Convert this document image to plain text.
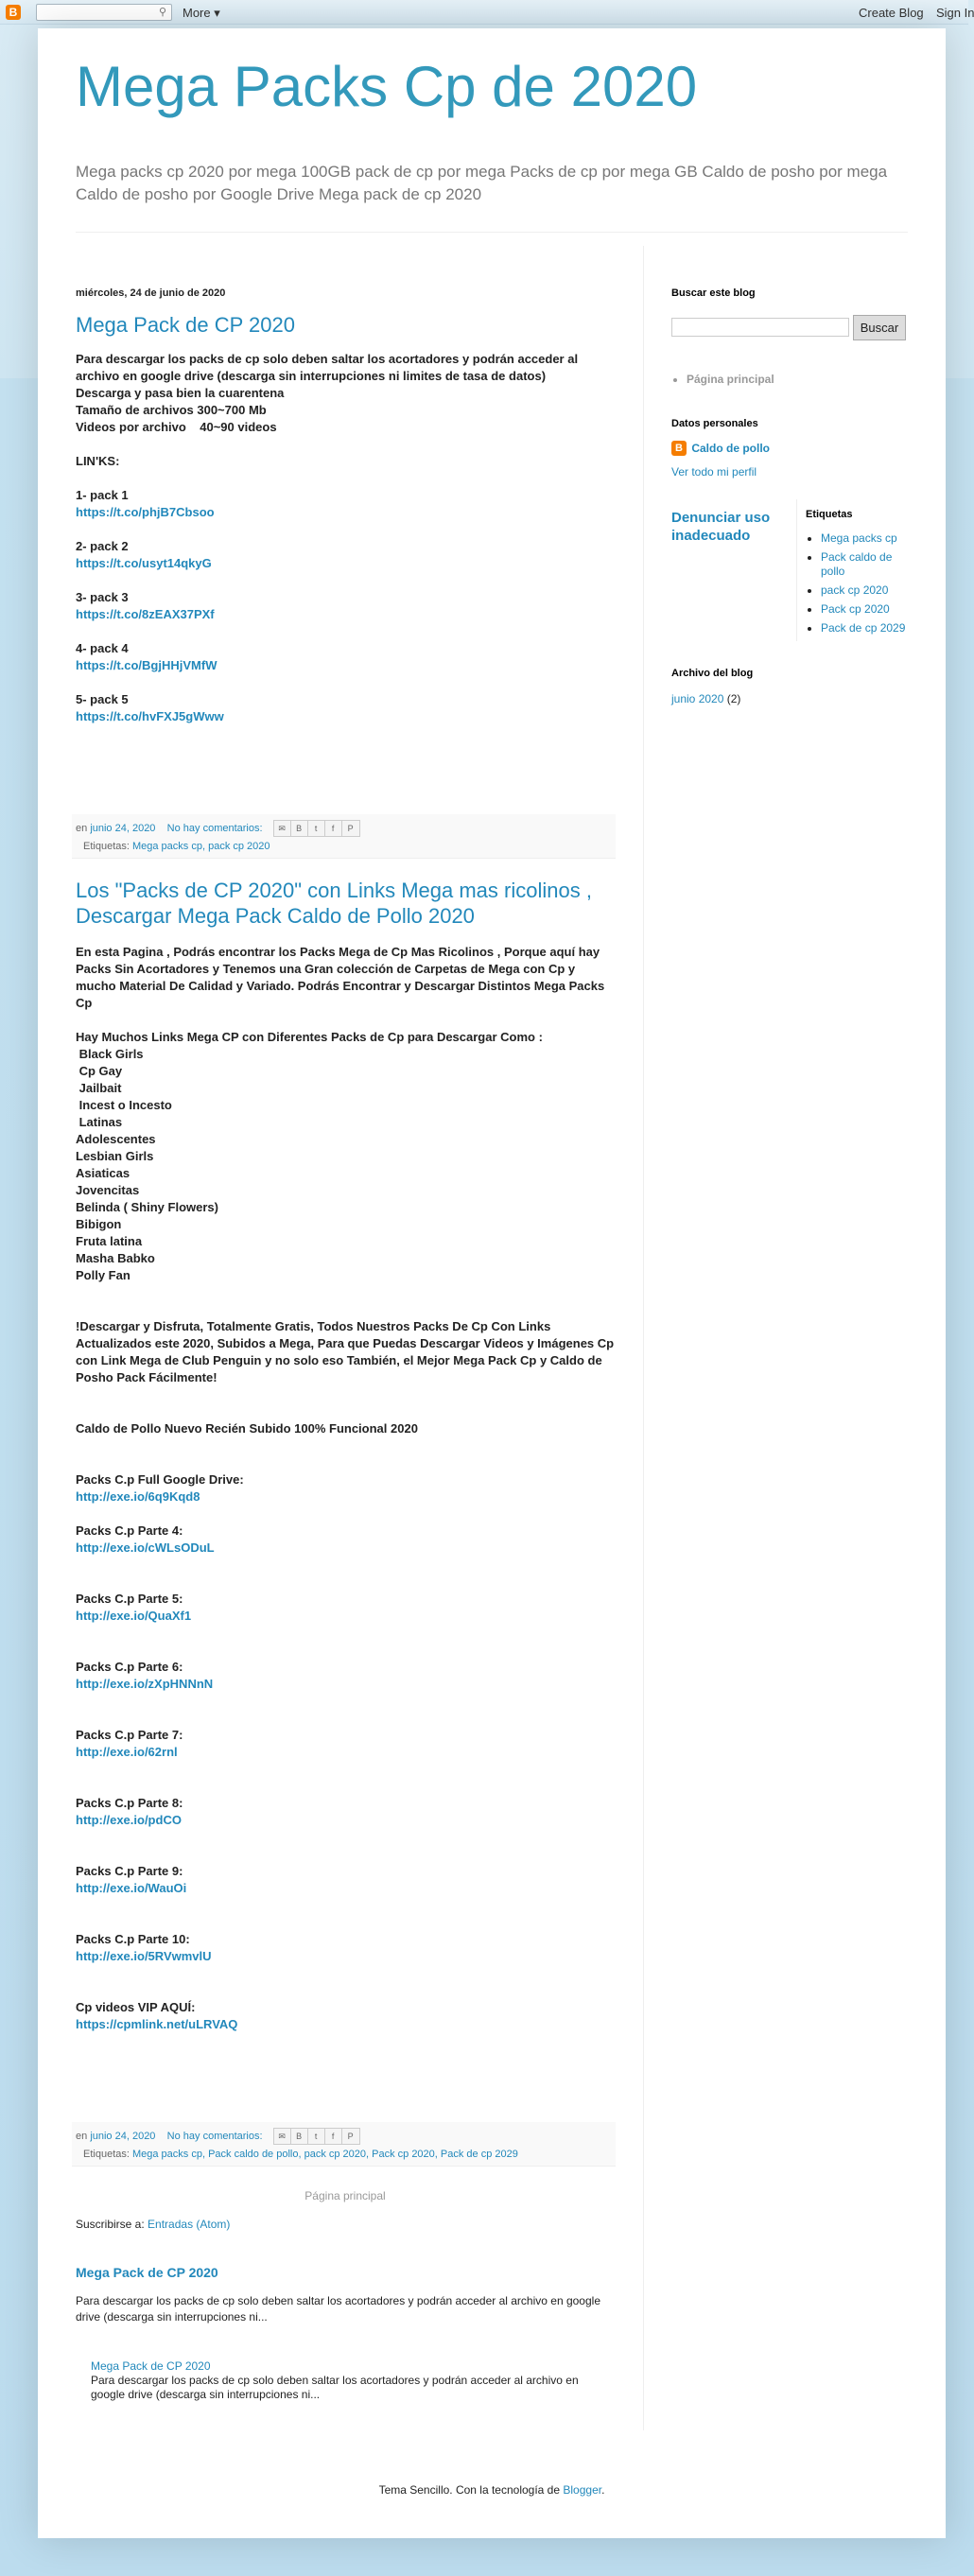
B	⚲ More ▾	Create Blog Sign In
Mega Packs Cp de 2020

Mega packs cp 2020 por mega 100GB pack de cp por mega Packs de cp por mega GB Caldo de posho por mega Caldo de posho por Google Drive Mega pack de cp 2020

miércoles, 24 de junio de 2020
Mega Pack de CP 2020

Para descargar los packs de cp solo deben saltar los acortadores y podrán acceder al archivo en google drive (descarga sin interrupciones ni limites de tasa de datos)

Descarga y pasa bien la cuarentena

Tamaño de archivos 300~700 Mb

Videos por archivo    40~90 videos

LIN'KS:

1- pack 1

https://t.co/phjB7Cbsoo

2- pack 2

https://t.co/usyt14qkyG

3- pack 3

https://t.co/8zEAX37PXf

4- pack 4

https://t.co/BgjHHjVMfW

5- pack 5

https://t.co/hvFXJ5gWww
en junio 24, 2020 No hay comentarios: ✉ B t f P
Etiquetas: Mega packs cp, pack cp 2020
Los "Packs de CP 2020" con Links Mega mas ricolinos , Descargar Mega Pack Caldo de Pollo 2020

En esta Pagina , Podrás encontrar los Packs Mega de Cp Mas Ricolinos , Porque aquí hay Packs Sin Acortadores y Tenemos una Gran colección de Carpetas de Mega con Cp y mucho Material De Calidad y Variado. Podrás Encontrar y Descargar Distintos Mega Packs Cp

Hay Muchos Links Mega CP con Diferentes Packs de Cp para Descargar Como :

Black Girls

Cp Gay

Jailbait

Incest o Incesto

Latinas

Adolescentes

Lesbian Girls

Asiaticas

Jovencitas

Belinda ( Shiny Flowers)

Bibigon

Fruta latina

Masha Babko

Polly Fan

!Descargar y Disfruta, Totalmente Gratis, Todos Nuestros Packs De Cp Con Links Actualizados este 2020, Subidos a Mega, Para que Puedas Descargar Videos y Imágenes Cp con Link Mega de Club Penguin y no solo eso También, el Mejor Mega Pack Cp y Caldo de Posho Pack Fácilmente!

Caldo de Pollo Nuevo Recién Subido 100% Funcional 2020

Packs C.p Full Google Drive:

http://exe.io/6q9Kqd8

Packs C.p Parte 4:

http://exe.io/cWLsODuL

Packs C.p Parte 5:

http://exe.io/QuaXf1

Packs C.p Parte 6:

http://exe.io/zXpHNNnN

Packs C.p Parte 7:

http://exe.io/62rnl

Packs C.p Parte 8:

http://exe.io/pdCO

Packs C.p Parte 9:

http://exe.io/WauOi

Packs C.p Parte 10:

http://exe.io/5RVwmvlU

Cp videos VIP AQUÍ:

https://cpmlink.net/uLRVAQ
en junio 24, 2020 No hay comentarios: ✉ B t f P
Etiquetas: Mega packs cp, Pack caldo de pollo, pack cp 2020, Pack cp 2020, Pack de cp 2029
Página principal
Suscribirse a: Entradas (Atom)
Mega Pack de CP 2020

Para descargar los packs de cp solo deben saltar los acortadores y podrán acceder al archivo en google drive (descarga sin interrupciones ni...

Mega Pack de CP 2020

Para descargar los packs de cp solo deben saltar los acortadores y podrán acceder al archivo en google drive (descarga sin interrupciones ni...

Buscar este blog
Buscar
• Página principal
Datos personales
B Caldo de pollo
Ver todo mi perfil
Denunciar uso inadecuado
Etiquetas
• Mega packs cp
• Pack caldo de pollo
• pack cp 2020
• Pack cp 2020
• Pack de cp 2029
Archivo del blog
junio 2020 (2)
Tema Sencillo. Con la tecnología de Blogger.
